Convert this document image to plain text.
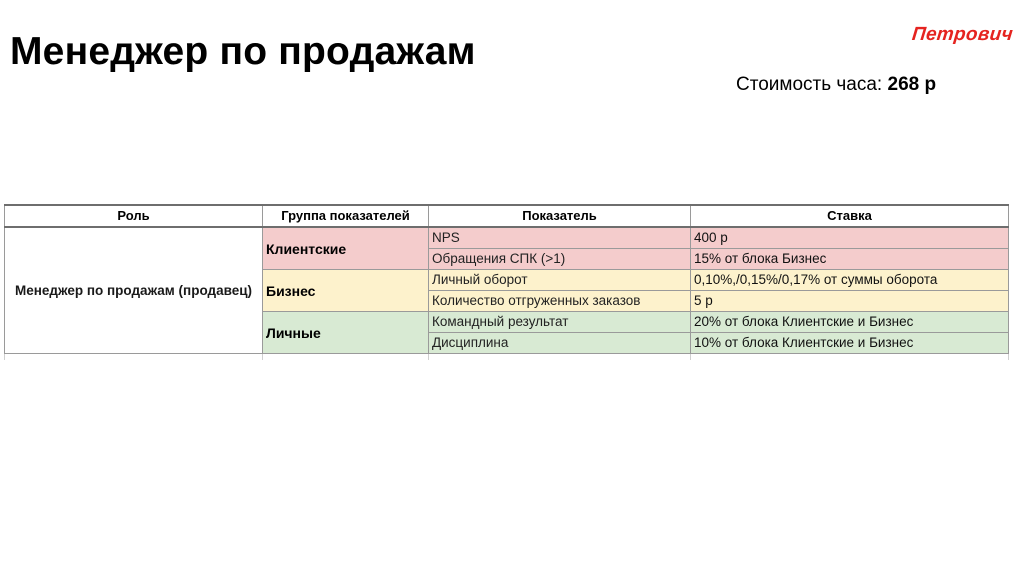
Менеджер по продажам	Петрович
Стоимость часа: 268 р
Роль	Группа показателей	Показатель	Ставка
Менеджер по продажам (продавец)	Клиентские	NPS	400 р
		Обращения СПК (>1)	15% от блока Бизнес
	Бизнес	Личный оборот	0,10%,/0,15%/0,17% от суммы оборота
		Количество отгруженных заказов	5 р
	Личные	Командный результат	20% от блока Клиентские и Бизнес
		Дисциплина	10% от блока Клиентские и Бизнес
